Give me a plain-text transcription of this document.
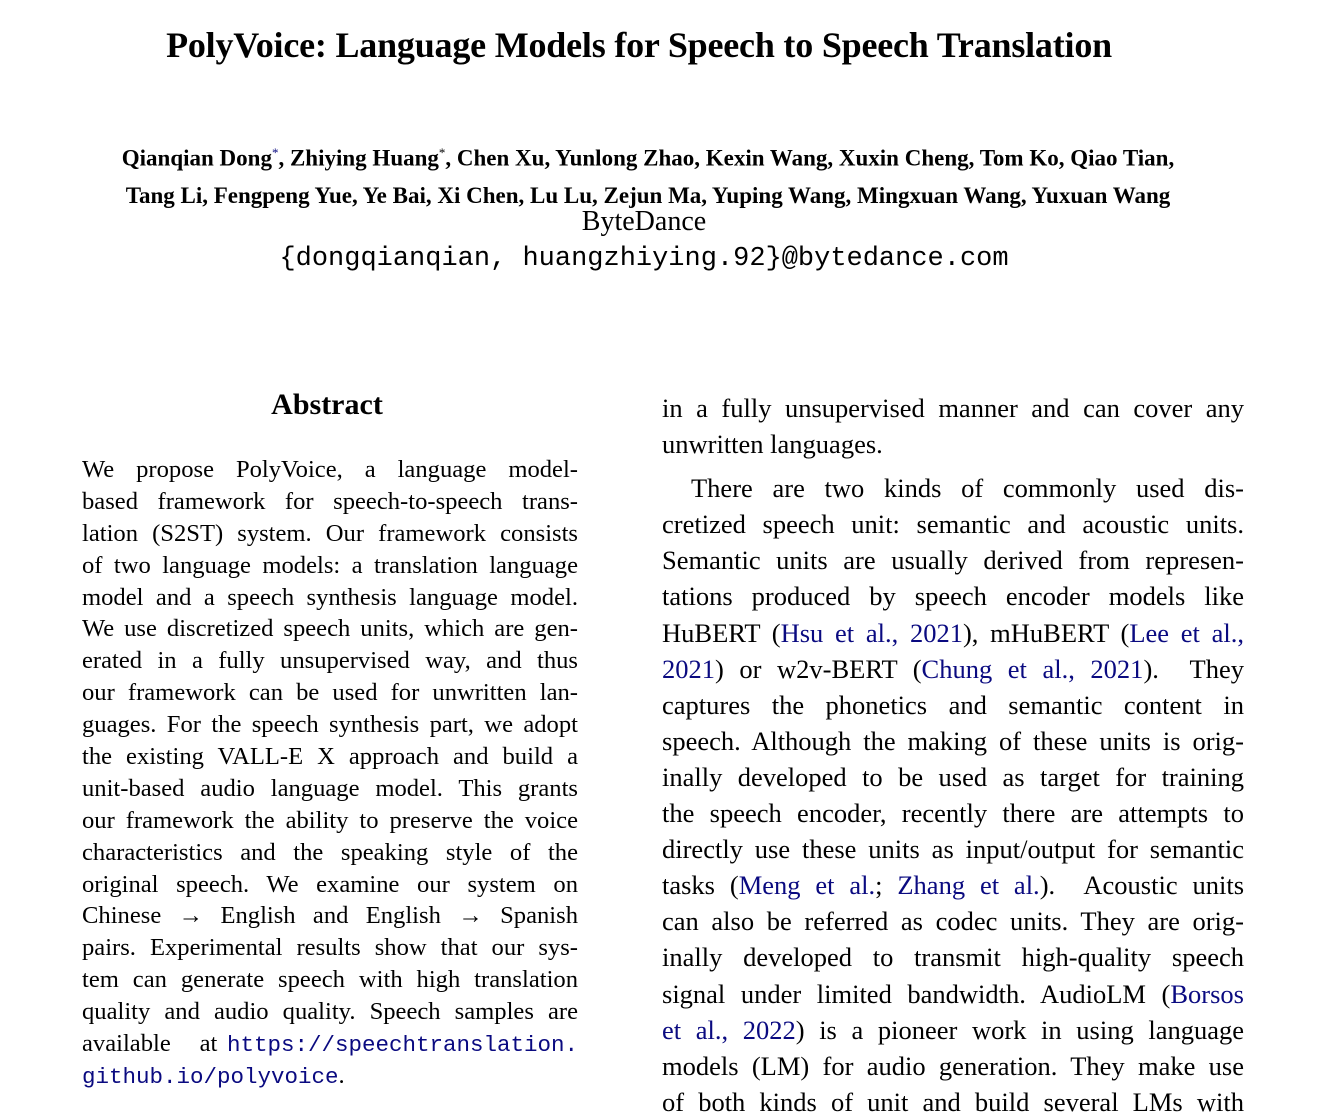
PolyVoice: Language Models for Speech to Speech Translation
Qianqian Dong*, Zhiying Huang*, Chen Xu, Yunlong Zhao, Kexin Wang, Xuxin Cheng, Tom Ko, Qiao Tian,
Tang Li, Fengpeng Yue, Ye Bai, Xi Chen, Lu Lu, Zejun Ma, Yuping Wang, Mingxuan Wang, Yuxuan Wang
ByteDance
{dongqianqian, huangzhiying.92}@bytedance.com
Abstract
We propose PolyVoice, a language model-
based framework for speech-to-speech trans-
lation (S2ST) system. Our framework consists
of two language models: a translation language
model and a speech synthesis language model.
We use discretized speech units, which are gen-
erated in a fully unsupervised way, and thus
our framework can be used for unwritten lan-
guages. For the speech synthesis part, we adopt
the existing VALL-E X approach and build a
unit-based audio language model. This grants
our framework the ability to preserve the voice
characteristics and the speaking style of the
original speech. We examine our system on
Chinese → English and English → Spanish
pairs. Experimental results show that our sys-
tem can generate speech with high translation
quality and audio quality. Speech samples are
available   at https://speechtranslation.
github.io/polyvoice.
in a fully unsupervised manner and can cover any
unwritten languages.
There are two kinds of commonly used dis-
cretized speech unit: semantic and acoustic units.
Semantic units are usually derived from represen-
tations produced by speech encoder models like
HuBERT (Hsu et al., 2021), mHuBERT (Lee et al.,
2021) or w2v-BERT (Chung et al., 2021).  They
captures the phonetics and semantic content in
speech. Although the making of these units is orig-
inally developed to be used as target for training
the speech encoder, recently there are attempts to
directly use these units as input/output for semantic
tasks (Meng et al.; Zhang et al.).  Acoustic units
can also be referred as codec units. They are orig-
inally developed to transmit high-quality speech
signal under limited bandwidth. AudioLM (Borsos
et al., 2022) is a pioneer work in using language
models (LM) for audio generation. They make use
of both kinds of unit and build several LMs with
